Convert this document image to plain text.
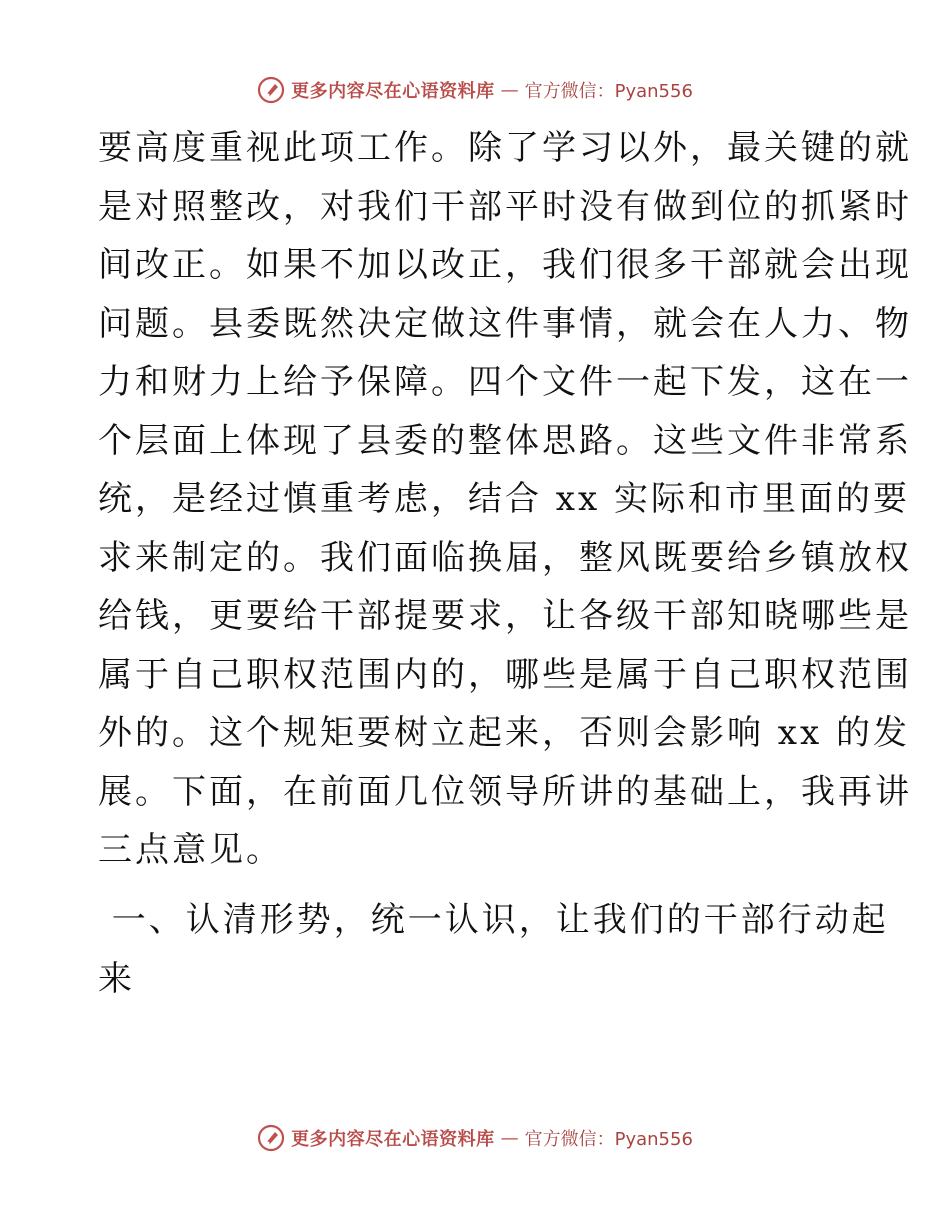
更多内容尽在心语资料库 — 官方微信：Pyan556
要高度重视此项工作。除了学习以外，最关键的就
是对照整改，对我们干部平时没有做到位的抓紧时
间改正。如果不加以改正，我们很多干部就会出现
问题。县委既然决定做这件事情，就会在人力、物
力和财力上给予保障。四个文件一起下发，这在一
个层面上体现了县委的整体思路。这些文件非常系
统，是经过慎重考虑，结合 xx 实际和市里面的要
求来制定的。我们面临换届，整风既要给乡镇放权
给钱，更要给干部提要求，让各级干部知晓哪些是
属于自己职权范围内的，哪些是属于自己职权范围
外的。这个规矩要树立起来，否则会影响 xx 的发
展。下面，在前面几位领导所讲的基础上，我再讲
三点意见。
一、认清形势，统一认识，让我们的干部行动起
来
更多内容尽在心语资料库 — 官方微信：Pyan556
